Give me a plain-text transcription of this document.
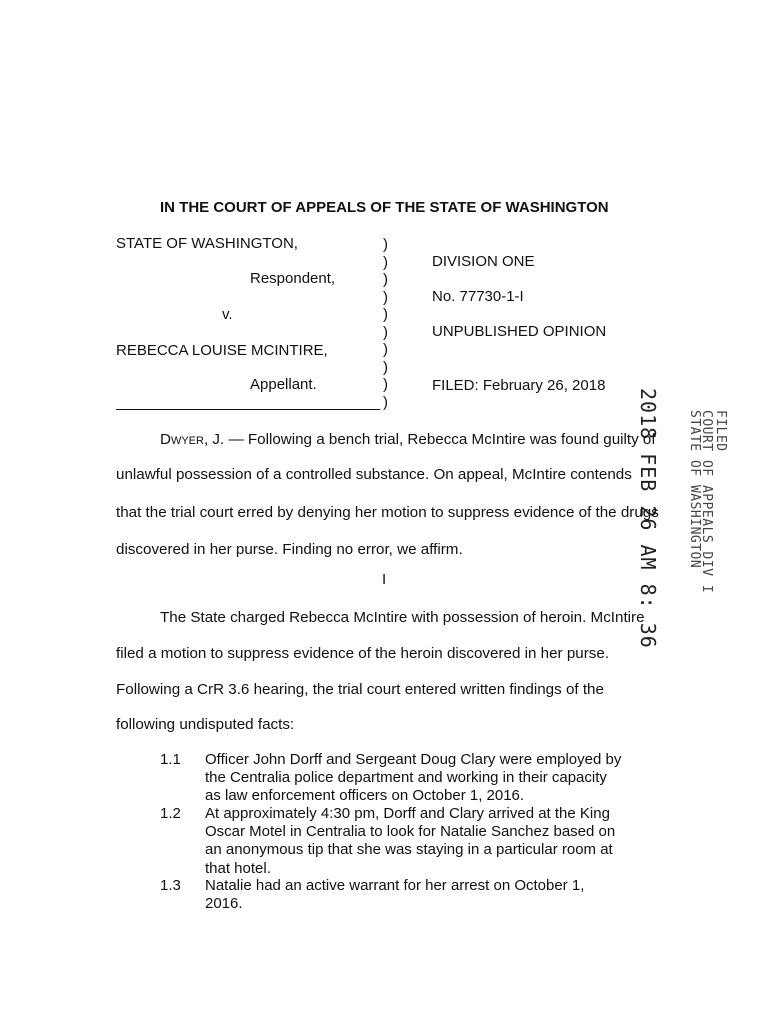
IN THE COURT OF APPEALS OF THE STATE OF WASHINGTON
STATE OF WASHINGTON,
Respondent,
v.
REBECCA LOUISE MCINTIRE,
Appellant.
)
)
)
)
)
)
)
)
)
)
DIVISION ONE
No. 77730-1-I
UNPUBLISHED OPINION
FILED: February 26, 2018
2018 FEB 26 AM 8: 36	FILED
COURT OF APPEALS DIV I
STATE OF WASHINGTON
Dwyer, J. — Following a bench trial, Rebecca McIntire was found guilty of
unlawful possession of a controlled substance. On appeal, McIntire contends
that the trial court erred by denying her motion to suppress evidence of the drugs
discovered in her purse. Finding no error, we affirm.
I
The State charged Rebecca McIntire with possession of heroin. McIntire
filed a motion to suppress evidence of the heroin discovered in her purse.
Following a CrR 3.6 hearing, the trial court entered written findings of the
following undisputed facts:
1.1 Officer John Dorff and Sergeant Doug Clary were employed by the Centralia police department and working in their capacity as law enforcement officers on October 1, 2016.
1.2 At approximately 4:30 pm, Dorff and Clary arrived at the King Oscar Motel in Centralia to look for Natalie Sanchez based on an anonymous tip that she was staying in a particular room at that hotel.
1.3 Natalie had an active warrant for her arrest on October 1, 2016.
